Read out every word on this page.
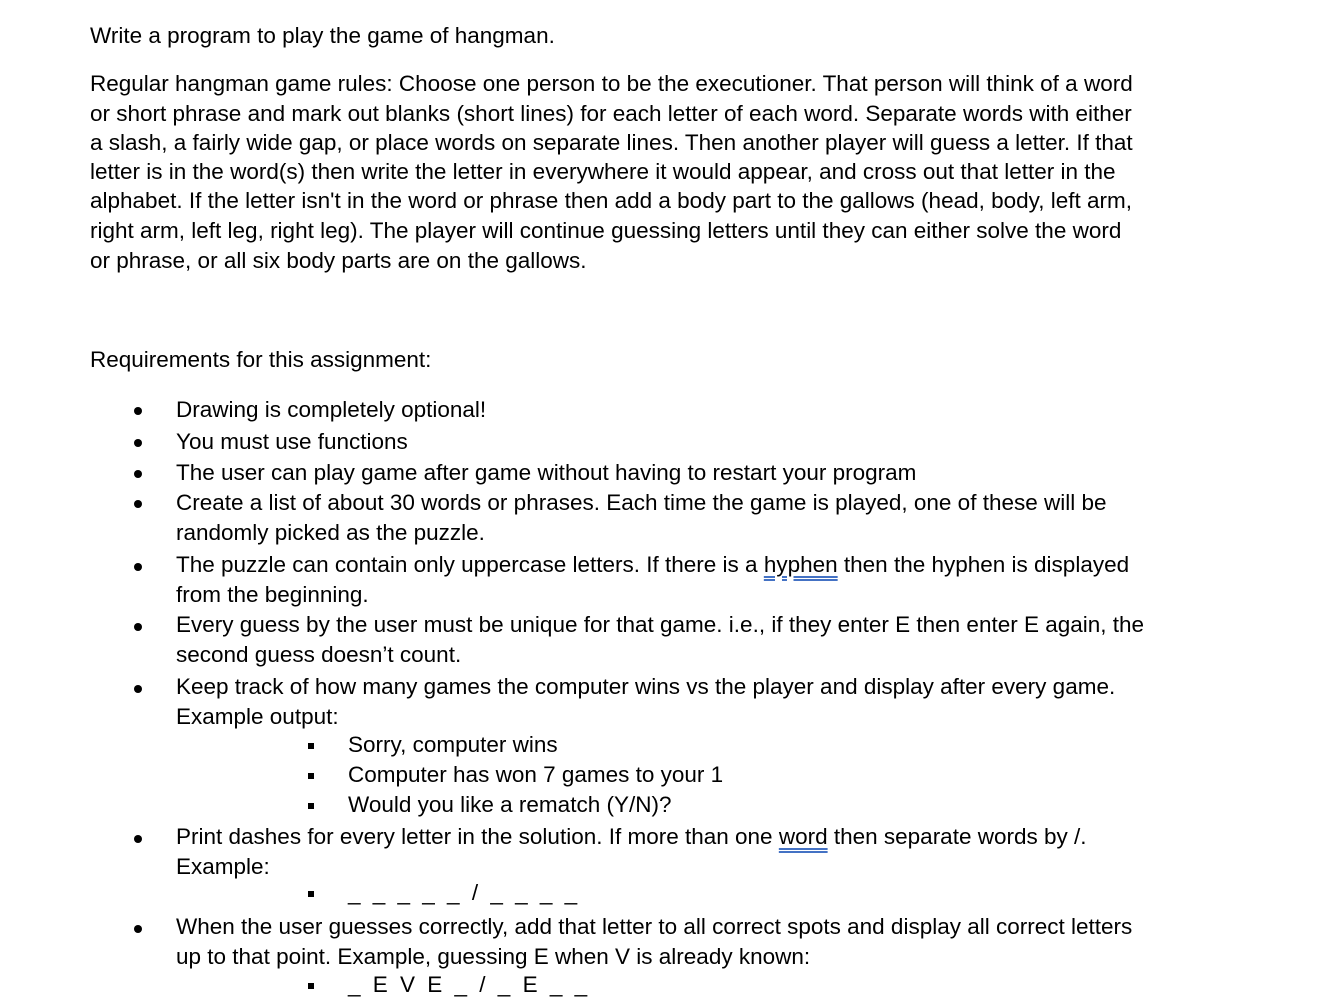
Write a program to play the game of hangman.
Regular hangman game rules: Choose one person to be the executioner. That person will think of a word
or short phrase and mark out blanks (short lines) for each letter of each word. Separate words with either
a slash, a fairly wide gap, or place words on separate lines. Then another player will guess a letter. If that
letter is in the word(s) then write the letter in everywhere it would appear, and cross out that letter in the
alphabet. If the letter isn't in the word or phrase then add a body part to the gallows (head, body, left arm,
right arm, left leg, right leg). The player will continue guessing letters until they can either solve the word
or phrase, or all six body parts are on the gallows.
Requirements for this assignment:
Drawing is completely optional!
You must use functions
The user can play game after game without having to restart your program
Create a list of about 30 words or phrases. Each time the game is played, one of these will be
randomly picked as the puzzle.
The puzzle can contain only uppercase letters. If there is a hyphen then the hyphen is displayed
from the beginning.
Every guess by the user must be unique for that game. i.e., if they enter E then enter E again, the
second guess doesn’t count.
Keep track of how many games the computer wins vs the player and display after every game.
Example output:
Sorry, computer wins
Computer has won 7 games to your 1
Would you like a rematch (Y/N)?
Print dashes for every letter in the solution. If more than one word then separate words by /.
Example:
_ _ _ _ _ / _ _ _ _
When the user guesses correctly, add that letter to all correct spots and display all correct letters
up to that point. Example, guessing E when V is already known:
_ E V E _ / _ E _ _
